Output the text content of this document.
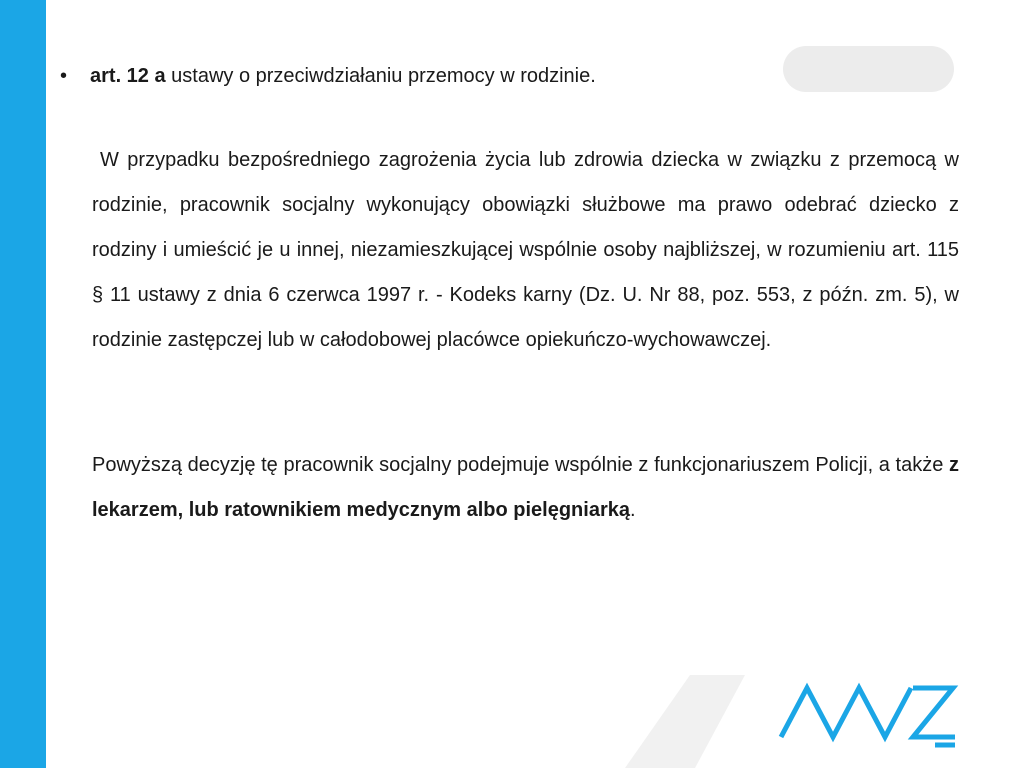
• art. 12 a ustawy o przeciwdziałaniu przemocy w rodzinie.
W przypadku bezpośredniego zagrożenia życia lub zdrowia dziecka w związku z przemocą w rodzinie, pracownik socjalny wykonujący obowiązki służbowe ma prawo odebrać dziecko z rodziny i umieścić je u innej, niezamieszkującej wspólnie osoby najbliższej, w rozumieniu art. 115 § 11 ustawy z dnia 6 czerwca 1997 r. - Kodeks karny (Dz. U. Nr 88, poz. 553, z późn. zm. 5), w rodzinie zastępczej lub w całodobowej placówce opiekuńczo-wychowawczej.
Powyższą decyzję tę pracownik socjalny podejmuje wspólnie z funkcjonariuszem Policji, a także z lekarzem, lub ratownikiem medycznym albo pielęgniarką.
